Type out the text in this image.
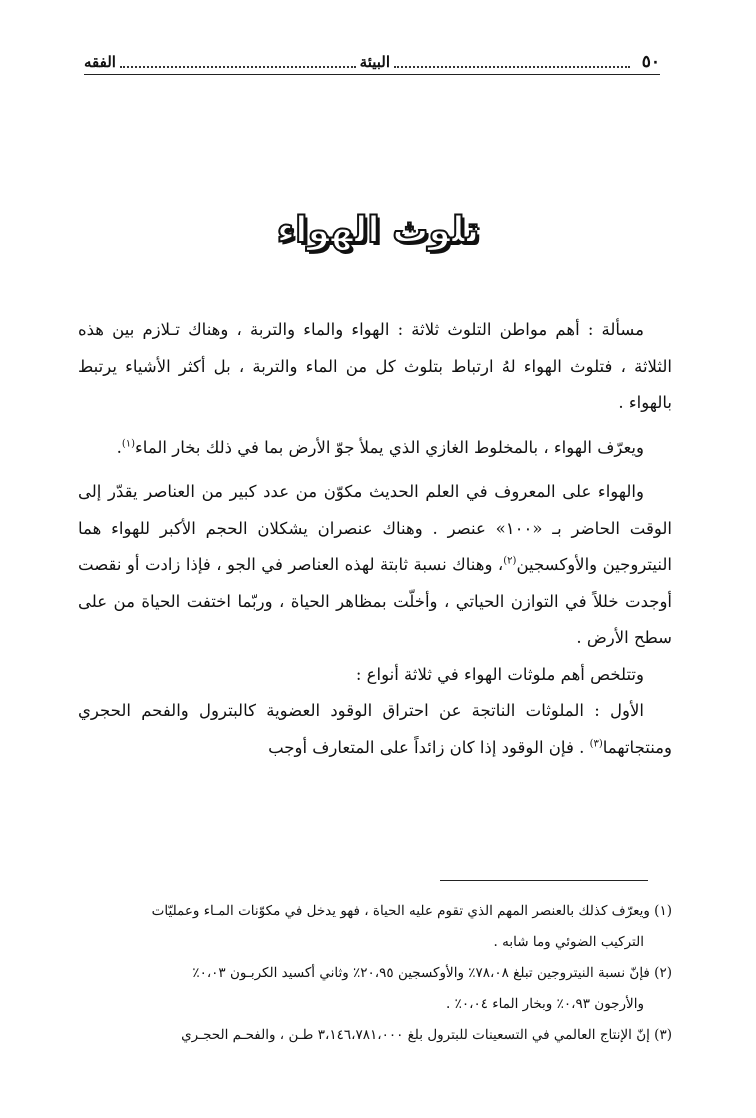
٥٠
البيئة
الفقه
تلوث الهواء

مسألة : أهم مواطن التلوث ثلاثة : الهواء والماء والتربة ، وهناك تـلازم بين هذه الثلاثة ، فتلوث الهواء لهُ ارتباط بتلوث كل من الماء والتربة ، بل أكثر الأشياء يرتبط بالهواء .

ويعرّف الهواء ، بالمخلوط الغازي الذي يملأ جوّ الأرض بما في ذلك بخار الماء$^{(١)}$.

والهواء على المعروف في العلم الحديث مكوّن من عدد كبير من العناصر يقدّر إلى الوقت الحاضر بـ «١٠٠» عنصر . وهناك عنصران يشكلان الحجم الأكبر للهواء هما النيتروجين والأوكسجين$^{(٢)}$، وهناك نسبة ثابتة لهذه العناصر في الجو ، فإذا زادت أو نقصت أوجدت خللاً في التوازن الحياتي ، وأخلّت بمظاهر الحياة ، وربّما اختفت الحياة من على سطح الأرض .

وتتلخص أهم ملوثات الهواء في ثلاثة أنواع :

الأول : الملوثات الناتجة عن احتراق الوقود العضوية كالبترول والفحم الحجري ومنتجاتهما$^{(٣)}$ . فإن الوقود إذا كان زائداً على المتعارف أوجب

(١) ويعرّف كذلك بالعنصر المهم الذي تقوم عليه الحياة ، فهو يدخل في مكوّنات المـاء وعمليّات

التركيب الضوئي وما شابه .

(٢) فإنّ نسبة النيتروجين تبلغ ٧٨،٠٨٪ والأوكسجين ٢٠،٩٥٪ وثاني أكسيد الكربـون ٠،٠٣٪

والأرجون ٠،٩٣٪ وبخار الماء ٠،٠٤٪ .

(٣) إنّ الإنتاج العالمي في التسعينات للبترول بلغ ٣،١٤٦،٧٨١،٠٠٠ طـن ، والفحـم الحجـري
